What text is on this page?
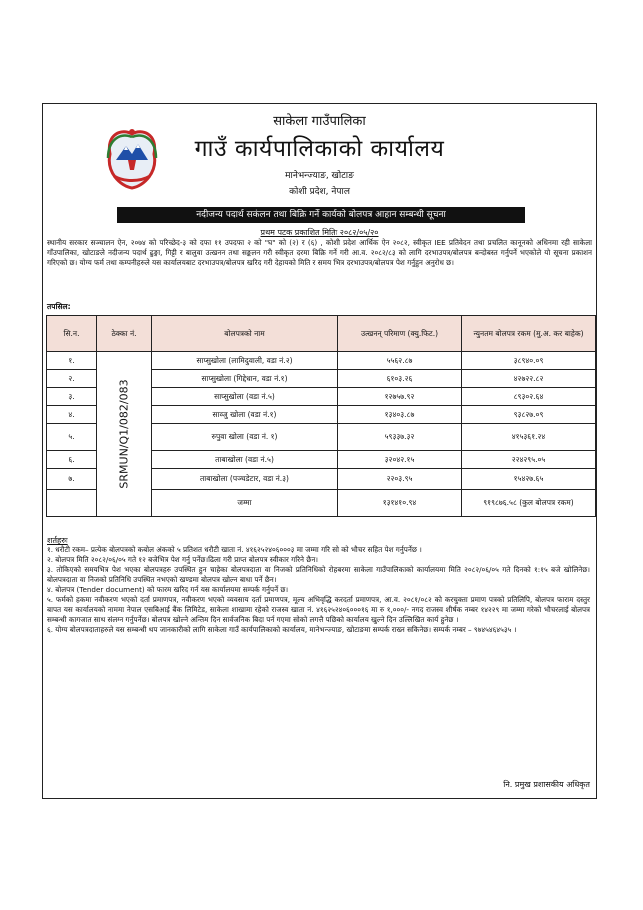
साकेला गाउँपालिका
गाउँ कार्यपालिकाको कार्यालय
मानेभन्ज्याङ, खोटाङ
कोशी प्रदेश, नेपाल
नदीजन्य पदार्थ सकंलन तथा बिक्रि गर्ने कार्यको बोलपत्र आहान सम्बन्धी सूचना
प्रथम पटक प्रकाशित मितिः २०८२/०५/२०
स्थानीय सरकार सञ्चालन ऐन, २०७४ को परिच्छेद-३ को दफा ११ उपदफा २ को "घ" को (२) र (६) , कोशी प्रदेश आर्थिक ऐन २०८२, स्वीकृत IEE प्रतिवेदन तथा प्रचलित कानूनको अधिनमा रही साकेला गाँउपालिका, खोटाङले नदीजन्य पदार्थ ढुङ्गा, गिट्टी र बालुवा उत्खनन तथा सङ्कलन गरी स्वीकृत दरमा बिक्रि गर्ने गरी आ.व. २०८२/८३ को लागि दरभाउपत्र/बोलपत्र बन्दोबस्त गर्नुपर्ने भएकोले यो सूचना प्रकाशन गरिएको छ। योग्य फर्म तथा कम्पनीहरुले यस कार्यालयबाट दरभाउपत्र/बोलपत्र खरिद गरी देहायको मिति र समय भित्र दरभाउपत्र/बोलपत्र पेश गर्नुहुन अनुरोध छ।
तपसिल:
सि.न.	ठेक्का नं.	बोलपत्रको नाम	उत्खनन् परिमाण (क्यु.फिट.)	न्युनतम बोलपत्र रकम (मु.अ. कर बाहेक)
१.	SRMUN/Q1/082/083	साप्सुखोला (लामिदुवाली, वडा नं.२)	५५६२.८७	३८९४०.०९
२.		साप्सुखोला (गिद्देधान, वडा नं.१)	६१०३.२६	४२७२२.८२
३.		साप्सुखोला (वडा नं.५)	१२७५७.९२	८९३०२.६४
४.		साव्जु खोला (वडा नं.१)	१३४०३.८७	९३८२७.०९
५.		रुपुवा खोला (वडा नं. १)	५९३३७.३२	४१५३६१.२४
६.		ताबाखोला (वडा नं.५)	३२०४२.१५	२२४२९५.०५
७.		ताबाखोला (पञ्चडेटार, वडा नं.३)	२२०३.९५	१५४२७.६५
		जम्मा	१३१४१०.९४	९१९८७६.५८ (कुल बोलपत्र रकम)
शर्तहरुः
१. धरौटी रकम– प्रत्येक बोलपत्रको कबोल अंकको ५ प्रतिशत धरौटी खाता नं. ४१६२५२४०६०००३ मा जम्मा गरि सो को भौचर सहित पेश गर्नुपर्नेछ ।
२. बोलपत्र मिति २०८२/०६/०५ गते १२ बजेभित्र पेश गर्नु पर्नेछ।ढिला गरी प्राप्त बोलपत्र स्वीकार गरिने छैन।
३. तोकिएको समयभित्र पेश भएका बोलपत्रहरु उपस्थित हुन चाहेका बोलपत्रदाता वा निजको प्रतिनिधिको रोहबरमा साकेला गाउँपालिकाको कार्यालयमा मिति २०८२/०६/०५ गते दिनको १:१५ बजे खोलिनेछ।बोलपत्रदाता वा निजको प्रतिनिधि उपस्थित नभएको खण्डमा बोलपत्र खोल्न बाधा पर्ने छैन।
४. बोलपत्र (Tender document) को फारम खरिद गर्न यस कार्यालयमा सम्पर्क गर्नुपर्ने छ।
५. फर्मको हकमा नवीकरण भएको दर्ता प्रमाणपत्र, नवीकरण भएको व्यवसाय दर्ता प्रमाणपत्र, मूल्य अभिवृद्धि करदर्ता प्रमाणपत्र, आ.व. २०८१/०८२ को करचुक्ता प्रमाण पत्रको प्रतिलिपि, बोलपत्र फाराम दस्तुर बापत यस कार्यालयको नाममा नेपाल एसबिआई बैंक लिमिटेड, साकेला शाखामा रहेको राजस्व खाता नं. ४१६२५२४०६०००१६ मा रु १,०००/- नगद राजस्व शीर्षक नम्बर १४२२९ मा जम्मा गरेको भौचरलाई बोलपत्र सम्बन्धी कागजात साथ संलग्न गर्नुपर्नेछ। बोलपत्र खोल्ने अन्तिम दिन सार्वजनिक बिदा पर्न गएमा सोको लगत्तै पछिको कार्यालय खुल्ने दिन उल्लिखित कार्य हुनेछ ।
६. योग्य बोलपत्रदाताहरुले यस सम्बन्धी थप जानकारीको लागि साकेला गाउँ कार्यपालिकाको कार्यालय, मानेभन्ज्याङ, खोटाङमा सम्पर्क राख्न सकिनेछ। सम्पर्क नम्बर – ९७४५४६४५३५ ।
नि. प्रमुख प्रशासकीय अधिकृत
